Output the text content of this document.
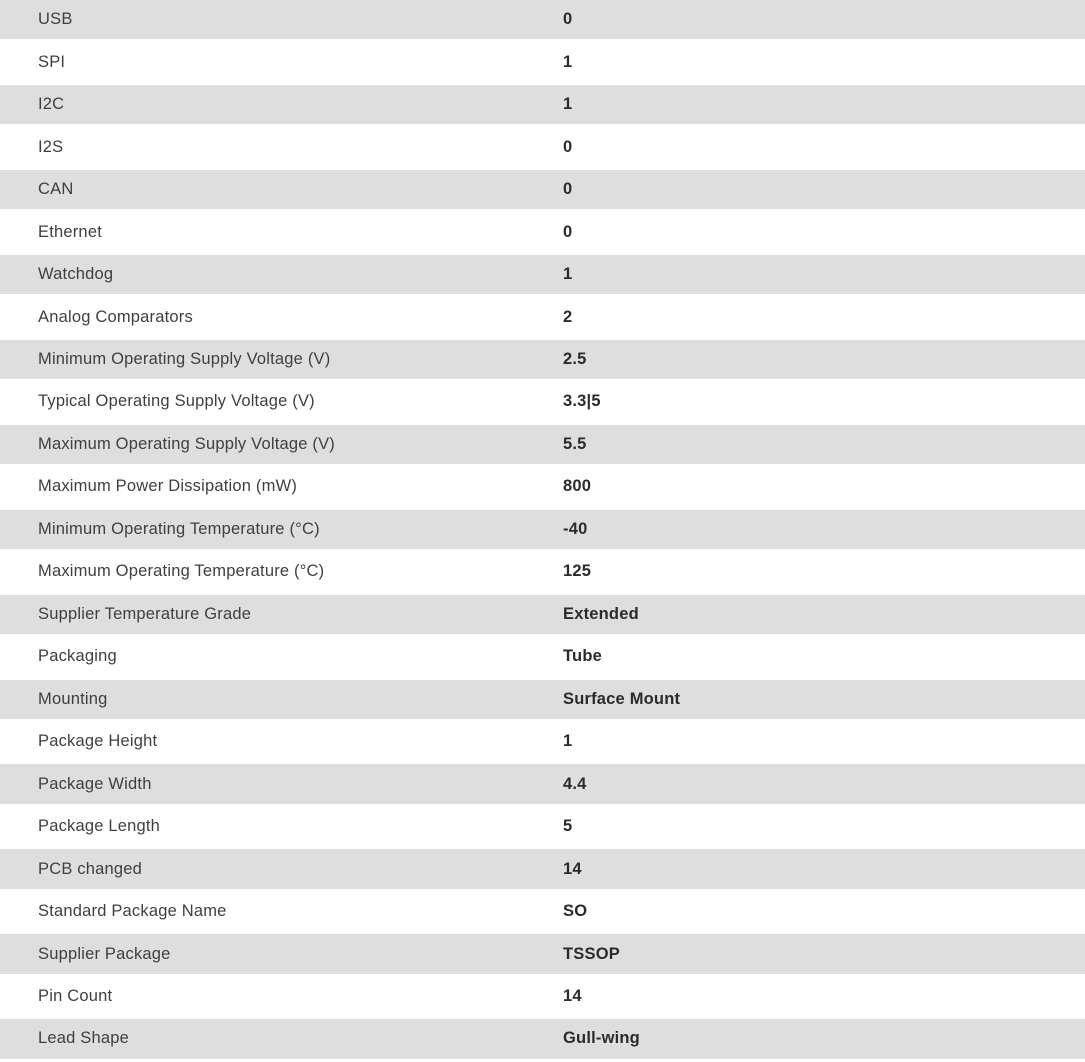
USB	0
SPI	1
I2C	1
I2S	0
CAN	0
Ethernet	0
Watchdog	1
Analog Comparators	2
Minimum Operating Supply Voltage (V)	2.5
Typical Operating Supply Voltage (V)	3.3|5
Maximum Operating Supply Voltage (V)	5.5
Maximum Power Dissipation (mW)	800
Minimum Operating Temperature (°C)	-40
Maximum Operating Temperature (°C)	125
Supplier Temperature Grade	Extended
Packaging	Tube
Mounting	Surface Mount
Package Height	1
Package Width	4.4
Package Length	5
PCB changed	14
Standard Package Name	SO
Supplier Package	TSSOP
Pin Count	14
Lead Shape	Gull-wing
